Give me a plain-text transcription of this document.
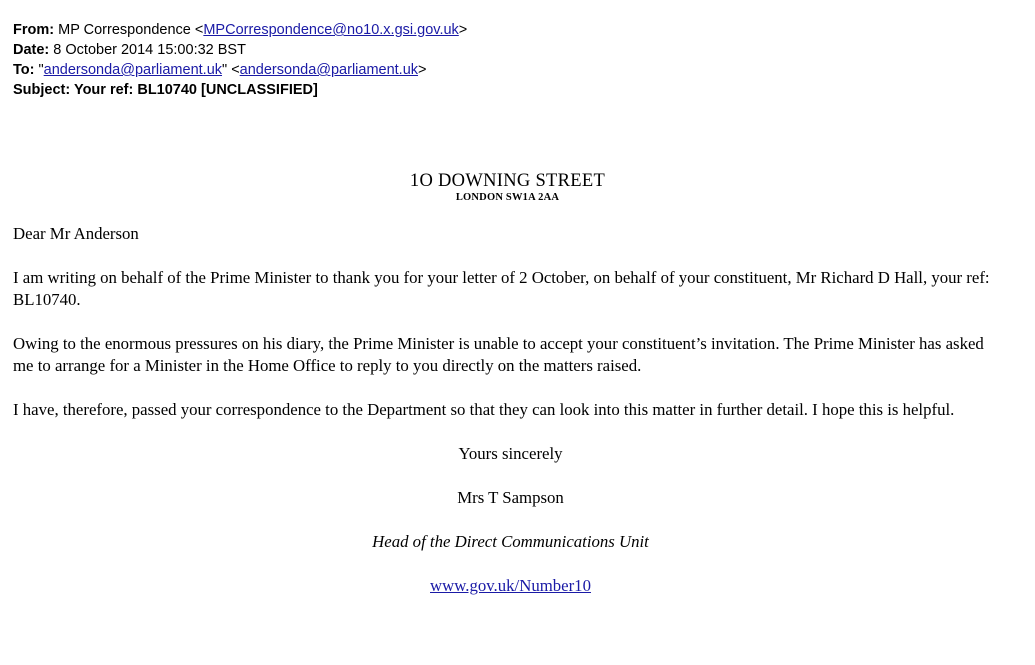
From: MP Correspondence <MPCorrespondence@no10.x.gsi.gov.uk>
Date: 8 October 2014 15:00:32 BST
To: "andersonda@parliament.uk" <andersonda@parliament.uk>
Subject: Your ref: BL10740 [UNCLASSIFIED]
1O DOWNING STREET
LONDON SW1A 2AA

Dear Mr Anderson

I am writing on behalf of the Prime Minister to thank you for your letter of 2 October, on behalf of your constituent, Mr Richard D Hall, your ref: BL10740.

Owing to the enormous pressures on his diary, the Prime Minister is unable to accept your constituent’s invitation. The Prime Minister has asked me to arrange for a Minister in the Home Office to reply to you directly on the matters raised.

I have, therefore, passed your correspondence to the Department so that they can look into this matter in further detail. I hope this is helpful.

Yours sincerely

Mrs T Sampson

Head of the Direct Communications Unit

www.gov.uk/Number10
